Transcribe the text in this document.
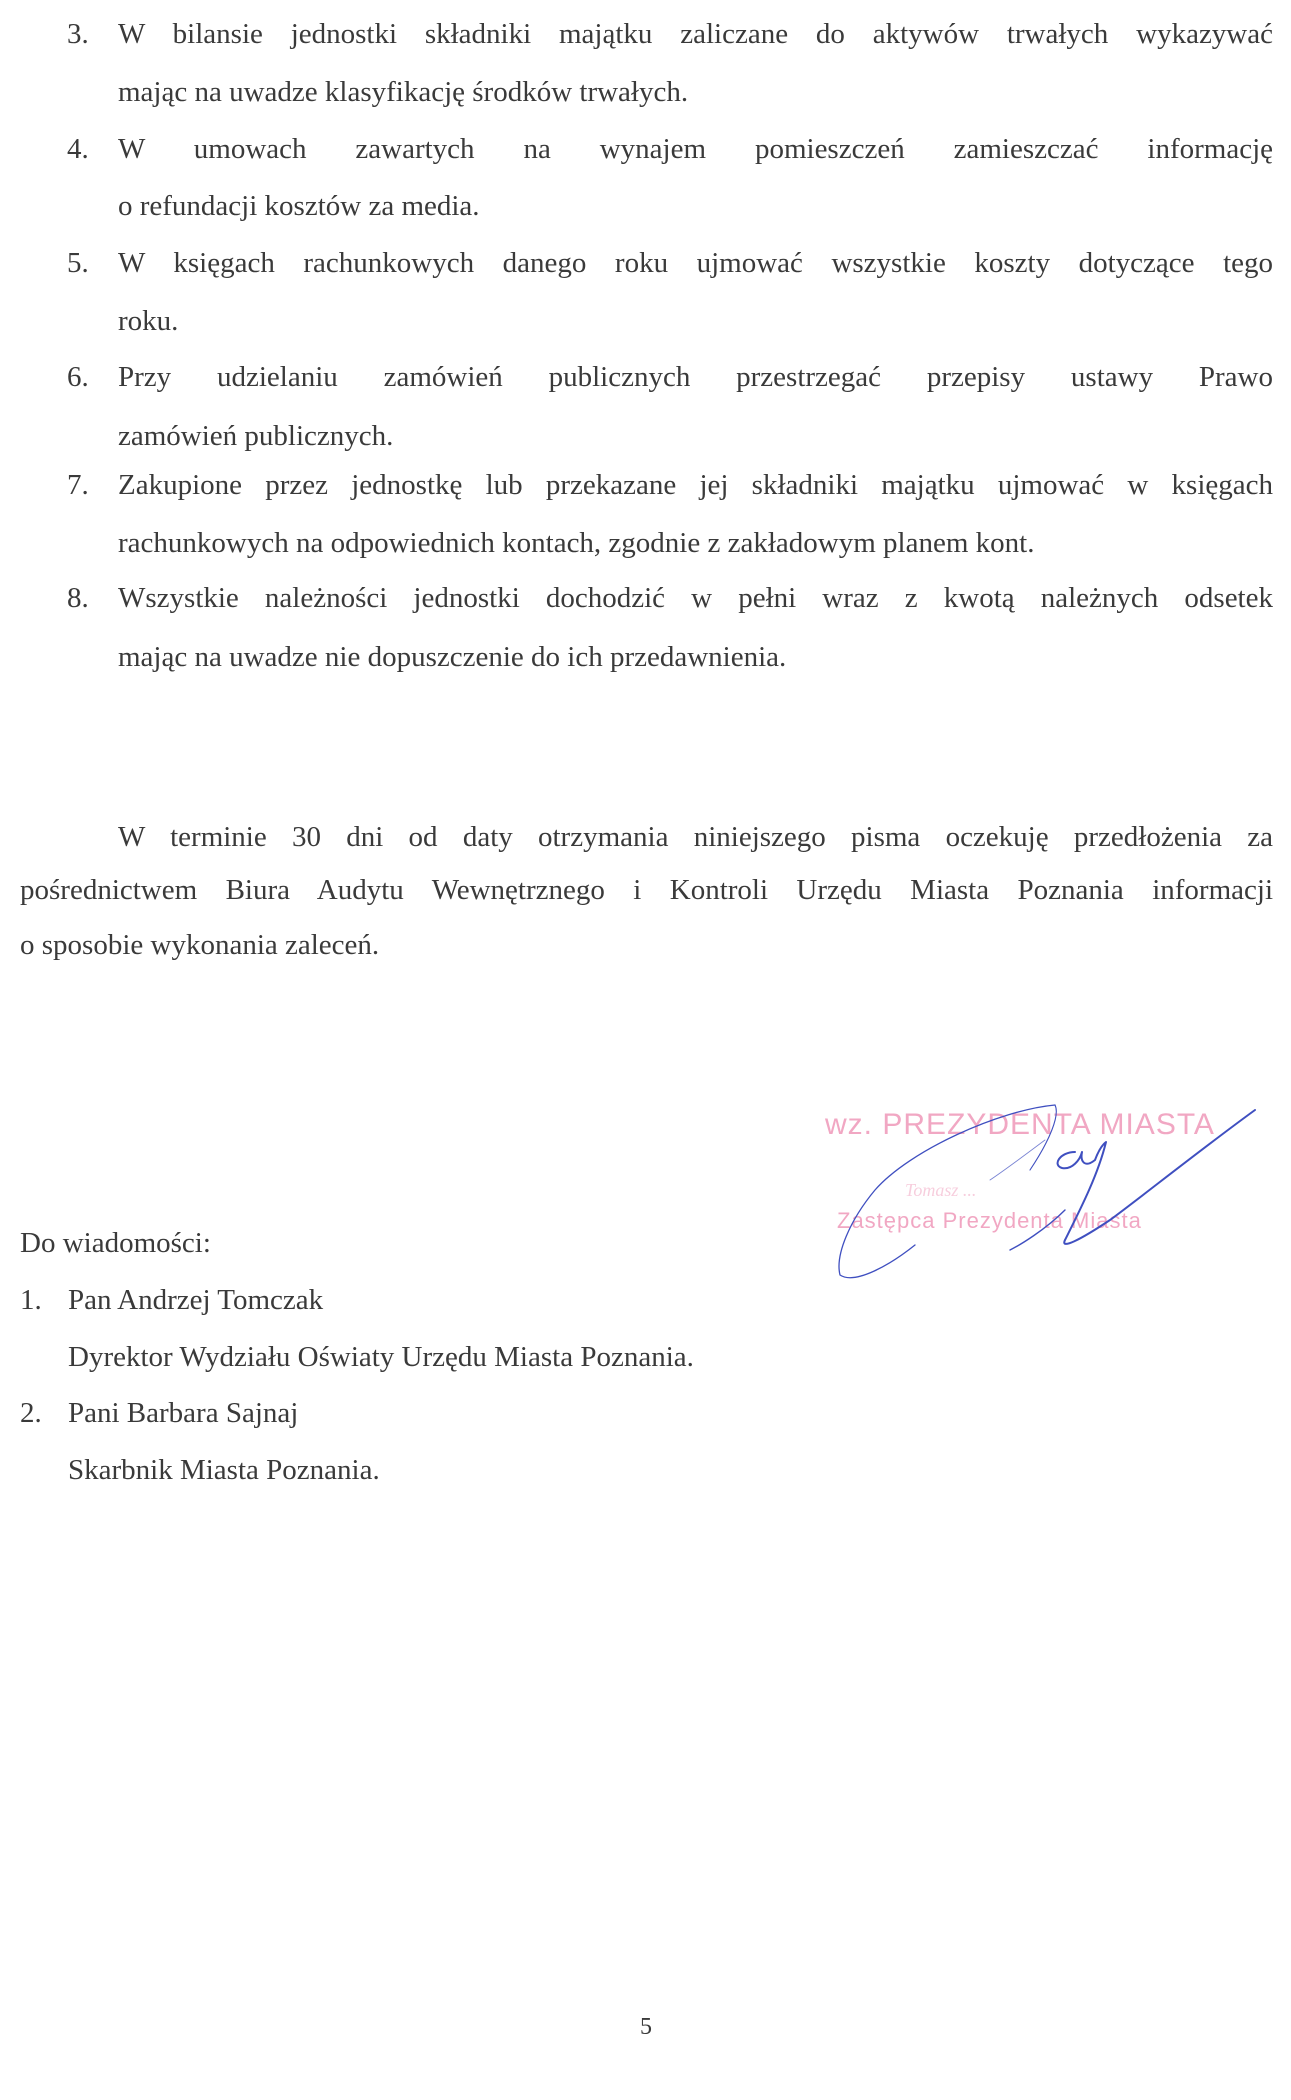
3. W bilansie jednostki składniki majątku zaliczane do aktywów trwałych wykazywać
mając na uwadze klasyfikację środków trwałych.
4. W umowach zawartych na wynajem pomieszczeń zamieszczać informację
o refundacji kosztów za media.
5. W księgach rachunkowych danego roku ujmować wszystkie koszty dotyczące tego
roku.
6. Przy udzielaniu zamówień publicznych przestrzegać przepisy ustawy Prawo
zamówień publicznych.
7. Zakupione przez jednostkę lub przekazane jej składniki majątku ujmować w księgach
rachunkowych na odpowiednich kontach, zgodnie z zakładowym planem kont.
8. Wszystkie należności jednostki dochodzić w pełni wraz z kwotą należnych odsetek
mając na uwadze nie dopuszczenie do ich przedawnienia.
W terminie 30 dni od daty otrzymania niniejszego pisma oczekuję przedłożenia za
pośrednictwem Biura Audytu Wewnętrznego i Kontroli Urzędu Miasta Poznania informacji
o sposobie wykonania zaleceń.
wz. PREZYDENTA MIASTA
Tomasz ...
Zastępca Prezydenta Miasta
Do wiadomości:
1. Pan Andrzej Tomczak
Dyrektor Wydziału Oświaty Urzędu Miasta Poznania.
2. Pani Barbara Sajnaj
Skarbnik Miasta Poznania.
5
